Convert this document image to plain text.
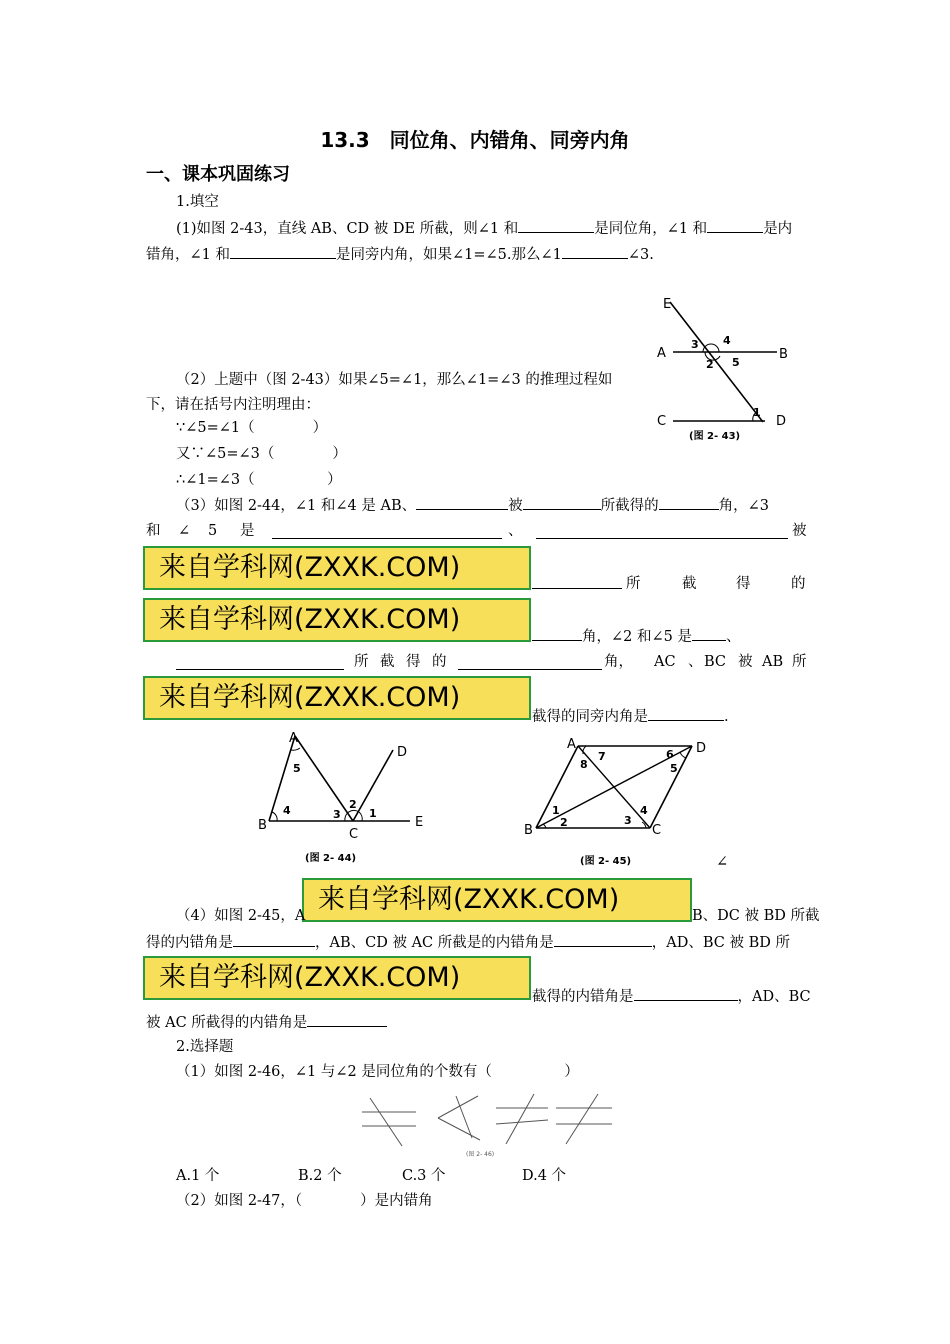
13.3　同位角、内错角、同旁内角
一、课本巩固练习
1.填空
(1)如图 2-43，直线 AB、CD 被 DE 所截，则∠1 和	是同位角，∠1 和	是内
错角，∠1 和	是同旁内角，如果∠1=∠5.那么∠1	∠3.
E
A	B
C	D
3 4
2 5
1
(图 2- 43)
（2）上题中（图 2-43）如果∠5=∠1，那么∠1=∠3 的推理过程如
下，请在括号内注明理由：
∵∠5=∠1（　　　　）
又∵∠5=∠3（　　　　）
∴∠1=∠3（　　　　　）
（3）如图 2-44，∠1 和∠4 是 AB、	被	所截得的	角，∠3
和 ∠ 5 是	、	被
来自学科网(ZXXK.COM)
所	截	得	的
来自学科网(ZXXK.COM)
角，∠2 和∠5 是 、
所 截 得 的	角， AC 、 BC 被 AB 所
来自学科网(ZXXK.COM)
截得的同旁内角是	.
A
D
B
C
E
5
4	3
2
1
(图 2- 44)
A	D
B	C
7
8
6
5
1
2	3
4
(图 2- 45)	∠
来自学科网(ZXXK.COM)
（4）如图 2-45，A	B、DC 被 BD 所截
得的内错角是	，AB、CD 被 AC 所截是的内错角是	，AD、BC 被 BD 所
来自学科网(ZXXK.COM)
截得的内错角是	，AD、BC
被 AC 所截得的内错角是
2.选择题
（1）如图 2-46，∠1 与∠2 是同位角的个数有（　　　　　）
(图 2- 46)
A.1 个	B.2 个	C.3 个	D.4 个
（2）如图 2-47，（　　　　）是内错角
